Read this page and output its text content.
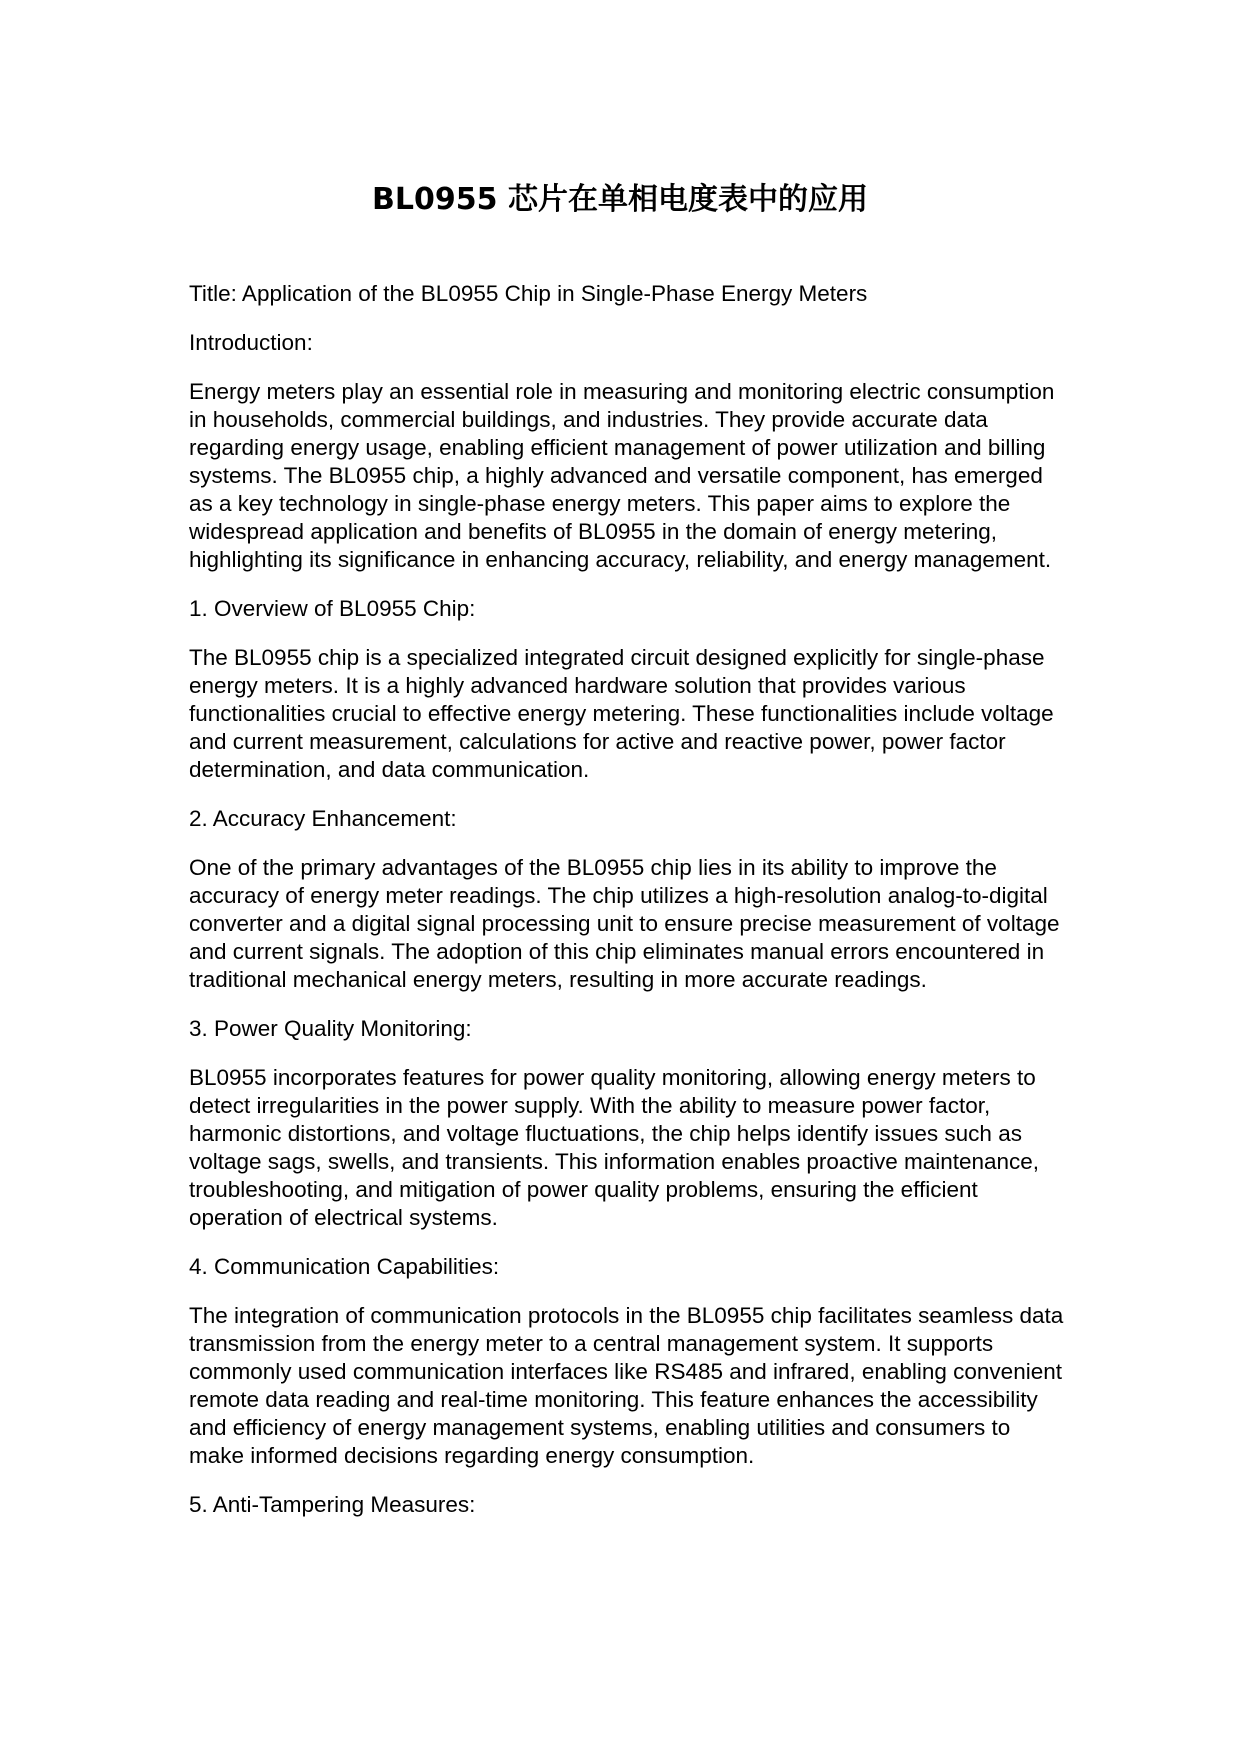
BL0955 芯片在单相电度表中的应用

Title: Application of the BL0955 Chip in Single-Phase Energy Meters

Introduction:

Energy meters play an essential role in measuring and monitoring electric consumption in households, commercial buildings, and industries. They provide accurate data regarding energy usage, enabling efficient management of power utilization and billing systems. The BL0955 chip, a highly advanced and versatile component, has emerged as a key technology in single-phase energy meters. This paper aims to explore the widespread application and benefits of BL0955 in the domain of energy metering, highlighting its significance in enhancing accuracy, reliability, and energy management.

1. Overview of BL0955 Chip:

The BL0955 chip is a specialized integrated circuit designed explicitly for single-phase energy meters. It is a highly advanced hardware solution that provides various functionalities crucial to effective energy metering. These functionalities include voltage and current measurement, calculations for active and reactive power, power factor determination, and data communication.

2. Accuracy Enhancement:

One of the primary advantages of the BL0955 chip lies in its ability to improve the accuracy of energy meter readings. The chip utilizes a high-resolution analog-to-digital converter and a digital signal processing unit to ensure precise measurement of voltage and current signals. The adoption of this chip eliminates manual errors encountered in traditional mechanical energy meters, resulting in more accurate readings.

3. Power Quality Monitoring:

BL0955 incorporates features for power quality monitoring, allowing energy meters to detect irregularities in the power supply. With the ability to measure power factor, harmonic distortions, and voltage fluctuations, the chip helps identify issues such as voltage sags, swells, and transients. This information enables proactive maintenance, troubleshooting, and mitigation of power quality problems, ensuring the efficient operation of electrical systems.

4. Communication Capabilities:

The integration of communication protocols in the BL0955 chip facilitates seamless data transmission from the energy meter to a central management system. It supports commonly used communication interfaces like RS485 and infrared, enabling convenient remote data reading and real-time monitoring. This feature enhances the accessibility and efficiency of energy management systems, enabling utilities and consumers to make informed decisions regarding energy consumption.

5. Anti-Tampering Measures:
